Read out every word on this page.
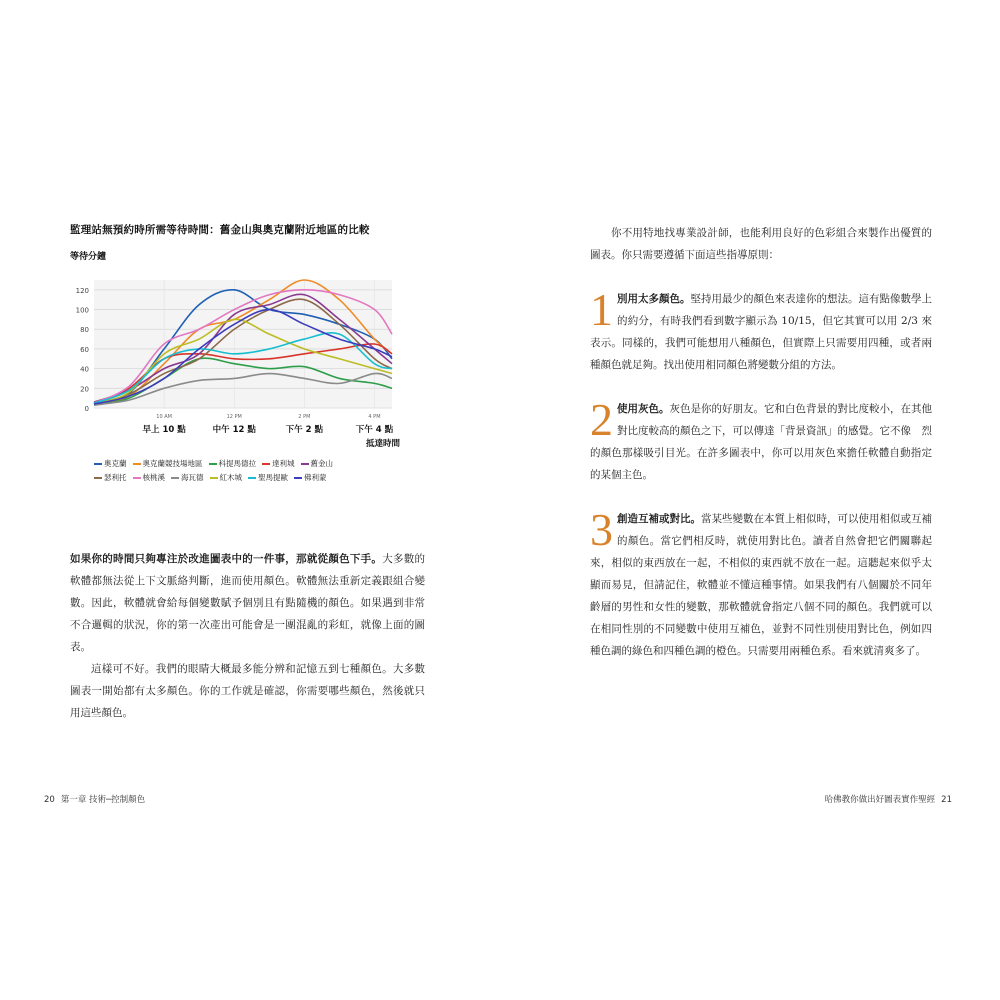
監理站無預約時所需等待時間：舊金山與奧克蘭附近地區的比較
等待分鐘
0
20
40
60
80
100
120
10 AM
早上 10 點
12 PM
中午 12 點
2 PM
下午 2 點
4 PM
下午 4 點
抵達時間
奧克蘭 奧克蘭競技場地區 科提馬德拉 達利城 舊金山
瑟利托 核桃溪 海瓦德 紅木城 聖馬提歐 佛利蒙

如果你的時間只夠專注於改進圖表中的一件事，那就從顏色下手。大多數的軟體都無法從上下文脈絡判斷，進而使用顏色。軟體無法重新定義跟組合變數。因此，軟體就會給每個變數賦予個別且有點隨機的顏色。如果遇到非常不合邏輯的狀況，你的第一次產出可能會是一團混亂的彩虹，就像上面的圖表。

這樣可不好。我們的眼睛大概最多能分辨和記憶五到七種顏色。大多數圖表一開始都有太多顏色。你的工作就是確認，你需要哪些顏色，然後就只用這些顏色。

你不用特地找專業設計師，也能利用良好的色彩組合來製作出優質的圖表。你只需要遵循下面這些指導原則：

1 別用太多顏色。堅持用最少的顏色來表達你的想法。這有點像數學上的約分，有時我們看到數字顯示為 10/15，但它其實可以用 2/3 來表示。同樣的，我們可能想用八種顏色，但實際上只需要用四種，或者兩種顏色就足夠。找出使用相同顏色將變數分組的方法。

2 使用灰色。灰色是你的好朋友。它和白色背景的對比度較小，在其他對比度較高的顏色之下，可以傳達「背景資訊」的感覺。它不像　烈的顏色那樣吸引目光。在許多圖表中，你可以用灰色來擔任軟體自動指定的某個主色。

3 創造互補或對比。當某些變數在本質上相似時，可以使用相似或互補的顏色。當它們相反時，就使用對比色。讀者自然會把它們關聯起來，相似的東西放在一起，不相似的東西就不放在一起。這聽起來似乎太顯而易見，但請記住，軟體並不懂這種事情。如果我們有八個關於不同年齡層的男性和女性的變數，那軟體就會指定八個不同的顏色。我們就可以在相同性別的不同變數中使用互補色，並對不同性別使用對比色，例如四種色調的綠色和四種色調的橙色。只需要用兩種色系。看來就清爽多了。

20 第一章 技術─控制顏色	哈佛教你做出好圖表實作聖經 21
